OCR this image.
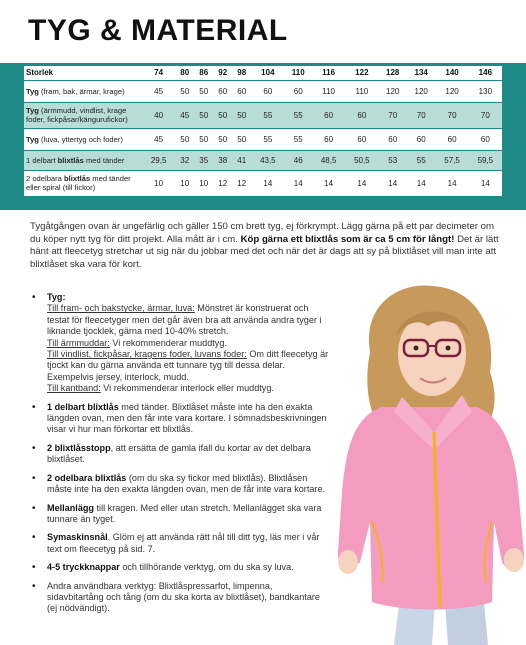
TYG & MATERIAL
Storlek	74	80	86	92	98	104	110	116	122	128	134	140	146
Tyg (fram, bak, ärmar, krage)	45	50	50	60	60	60	60	110	110	120	120	120	130
Tyg (ärmmudd, vindlist, krage foder, fickpåsar/kängurufickor)	40	45	50	50	50	55	55	60	60	70	70	70	70
Tyg (luva, yttertyg och foder)	45	50	50	50	50	55	55	60	60	60	60	60	60
1 delbart blixtlås med tänder	29,5	32	35	38	41	43,5	46	48,5	50,5	53	55	57,5	59,5
2 odelbara blixtlås med tänder eller spiral (till fickor)	10	10	10	12	12	14	14	14	14	14	14	14	14

Tygåtgången ovan är ungefärlig och gäller 150 cm brett tyg, ej förkrympt. Lägg gärna på ett par decimeter om du köper nytt tyg för ditt projekt. Alla mått är i cm. Köp gärna ett blixtlås som är ca 5 cm för långt! Det är lätt hänt att fleecetyg stretchar ut sig när du jobbar med det och när det är dags att sy på blixtlåset vill man inte att blixtlåset ska vara för kort.

• Tyg:
Till fram- och bakstycke, ärmar, luva: Mönstret är konstruerat och testat för fleecetyger men det går även bra att använda andra tyger i liknande tjocklek, gärna med 10-40% stretch.
Till ärmmuddar: Vi rekommenderar muddtyg.
Till vindlist, fickpåsar, kragens foder, luvans foder: Om ditt fleecetyg är tjockt kan du gärna använda ett tunnare tyg till dessa delar. Exempelvis jersey, interlock, mudd.
Till kantband: Vi rekommenderar interlock eller muddtyg.
• 1 delbart blixtlås med tänder. Blixtlåset måste inte ha den exakta längden ovan, men den får inte vara kortare. I sömnadsbeskrivningen visar vi hur man förkortar ett blixtlås.
• 2 blixtlåsstopp, att ersätta de gamla ifall du kortar av det delbara blixtlåset.
• 2 odelbara blixtlås (om du ska sy fickor med blixtlås). Blixtlåsen måste inte ha den exakta längden ovan, men de får inte vara kortare.
• Mellanlägg till kragen. Med eller utan stretch. Mellanlägget ska vara tunnare än tyget.
• Symaskinsnål. Glöm ej att använda rätt nål till ditt tyg, läs mer i vår text om fleecetyg på sid. 7.
• 4-5 tryckknappar och tillhörande verktyg, om du ska sy luva.
• Andra användbara verktyg: Blixtlåspressarfot, limpenna, sidavbitartång och tång (om du ska korta av blixtlåset), bandkantare (ej nödvändigt).
